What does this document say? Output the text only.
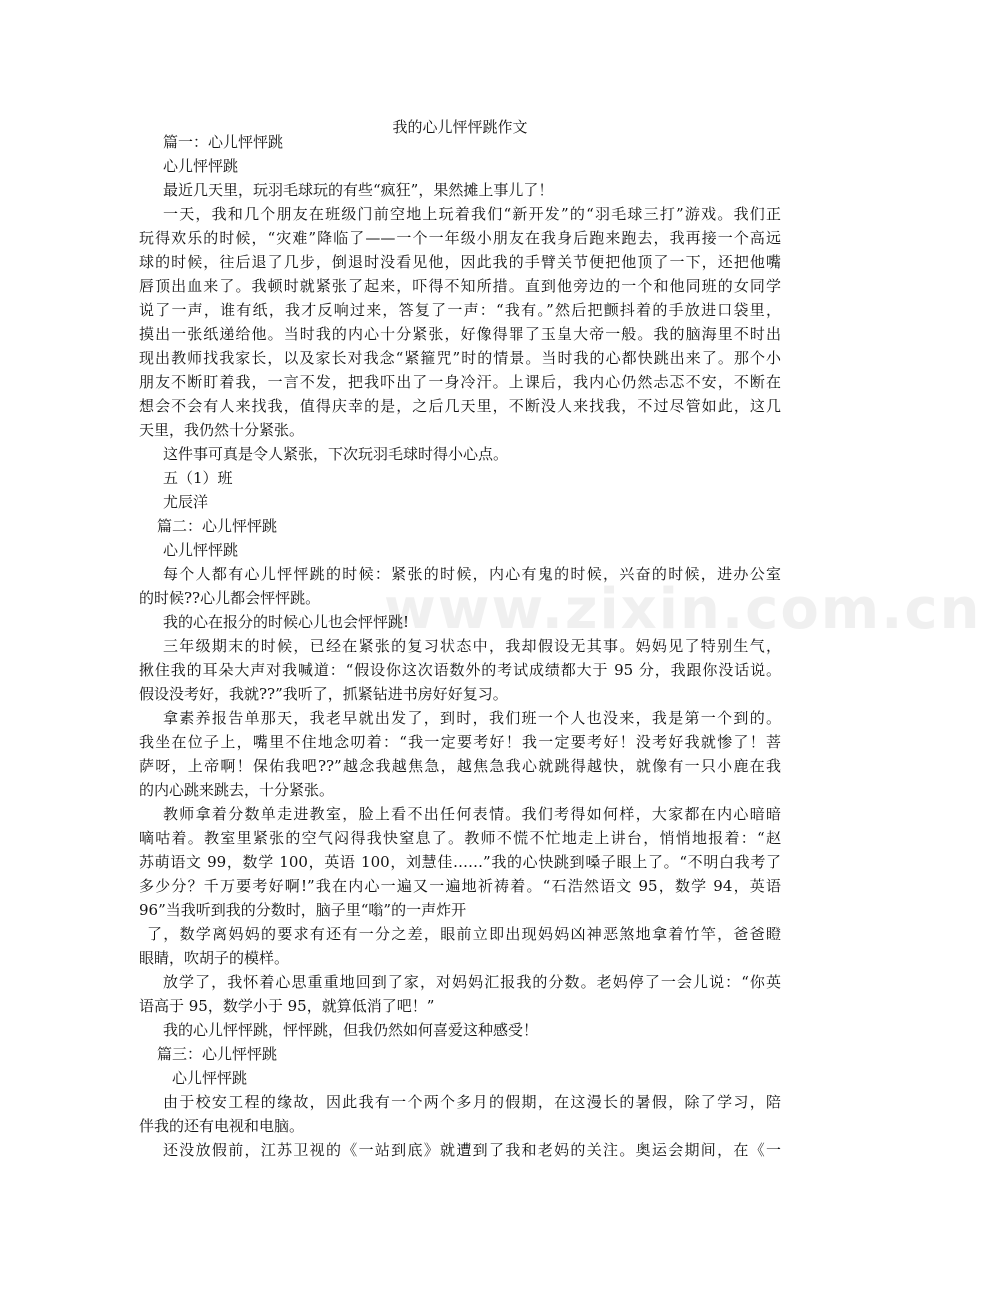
www.zixin.com.cn
我的心儿怦怦跳作文
篇一：心儿怦怦跳
心儿怦怦跳
最近几天里，玩羽毛球玩的有些“疯狂”，果然摊上事儿了！
一天，我和几个朋友在班级门前空地上玩着我们“新开发”的“羽毛球三打”游戏。我们正
玩得欢乐的时候，“灾难”降临了——一个一年级小朋友在我身后跑来跑去，我再接一个高远
球的时候，往后退了几步，倒退时没看见他，因此我的手臂关节便把他顶了一下，还把他嘴
唇顶出血来了。我顿时就紧张了起来，吓得不知所措。直到他旁边的一个和他同班的女同学
说了一声，谁有纸，我才反响过来，答复了一声：“我有。”然后把颤抖着的手放进口袋里，
摸出一张纸递给他。当时我的内心十分紧张，好像得罪了玉皇大帝一般。我的脑海里不时出
现出教师找我家长，以及家长对我念“紧箍咒”时的情景。当时我的心都快跳出来了。那个小
朋友不断盯着我，一言不发，把我吓出了一身冷汗。上课后，我内心仍然忐忑不安，不断在
想会不会有人来找我，值得庆幸的是，之后几天里，不断没人来找我，不过尽管如此，这几
天里，我仍然十分紧张。
这件事可真是令人紧张，下次玩羽毛球时得小心点。
五（1）班
尤辰洋
篇二：心儿怦怦跳
心儿怦怦跳
每个人都有心儿怦怦跳的时候：紧张的时候，内心有鬼的时候，兴奋的时候，进办公室
的时候??心儿都会怦怦跳。
我的心在报分的时候心儿也会怦怦跳!
三年级期末的时候，已经在紧张的复习状态中，我却假设无其事。妈妈见了特别生气，
揪住我的耳朵大声对我喊道：“假设你这次语数外的考试成绩都大于 95 分，我跟你没话说。
假设没考好，我就??”我听了，抓紧钻进书房好好复习。
拿素养报告单那天，我老早就出发了，到时，我们班一个人也没来，我是第一个到的。
我坐在位子上，嘴里不住地念叨着：“我一定要考好！我一定要考好！没考好我就惨了！菩
萨呀，上帝啊！保佑我吧??”越念我越焦急，越焦急我心就跳得越快，就像有一只小鹿在我
的内心跳来跳去，十分紧张。
教师拿着分数单走进教室，脸上看不出任何表情。我们考得如何样，大家都在内心暗暗
嘀咕着。教室里紧张的空气闷得我快窒息了。教师不慌不忙地走上讲台，悄悄地报着：“赵
苏萌语文 99，数学 100，英语 100，刘慧佳……”我的心快跳到嗓子眼上了。“不明白我考了
多少分？千万要考好啊!”我在内心一遍又一遍地祈祷着。“石浩然语文 95，数学 94，英语
96”当我听到我的分数时，脑子里“嗡”的一声炸开
了，数学离妈妈的要求有还有一分之差，眼前立即出现妈妈凶神恶煞地拿着竹竿，爸爸瞪
眼睛，吹胡子的模样。
放学了，我怀着心思重重地回到了家，对妈妈汇报我的分数。老妈停了一会儿说：“你英
语高于 95，数学小于 95，就算低消了吧！”
我的心儿怦怦跳，怦怦跳，但我仍然如何喜爱这种感受！
篇三：心儿怦怦跳
心儿怦怦跳
由于校安工程的缘故，因此我有一个两个多月的假期，在这漫长的暑假，除了学习，陪
伴我的还有电视和电脑。
还没放假前，江苏卫视的《一站到底》就遭到了我和老妈的关注。奥运会期间，在《一
